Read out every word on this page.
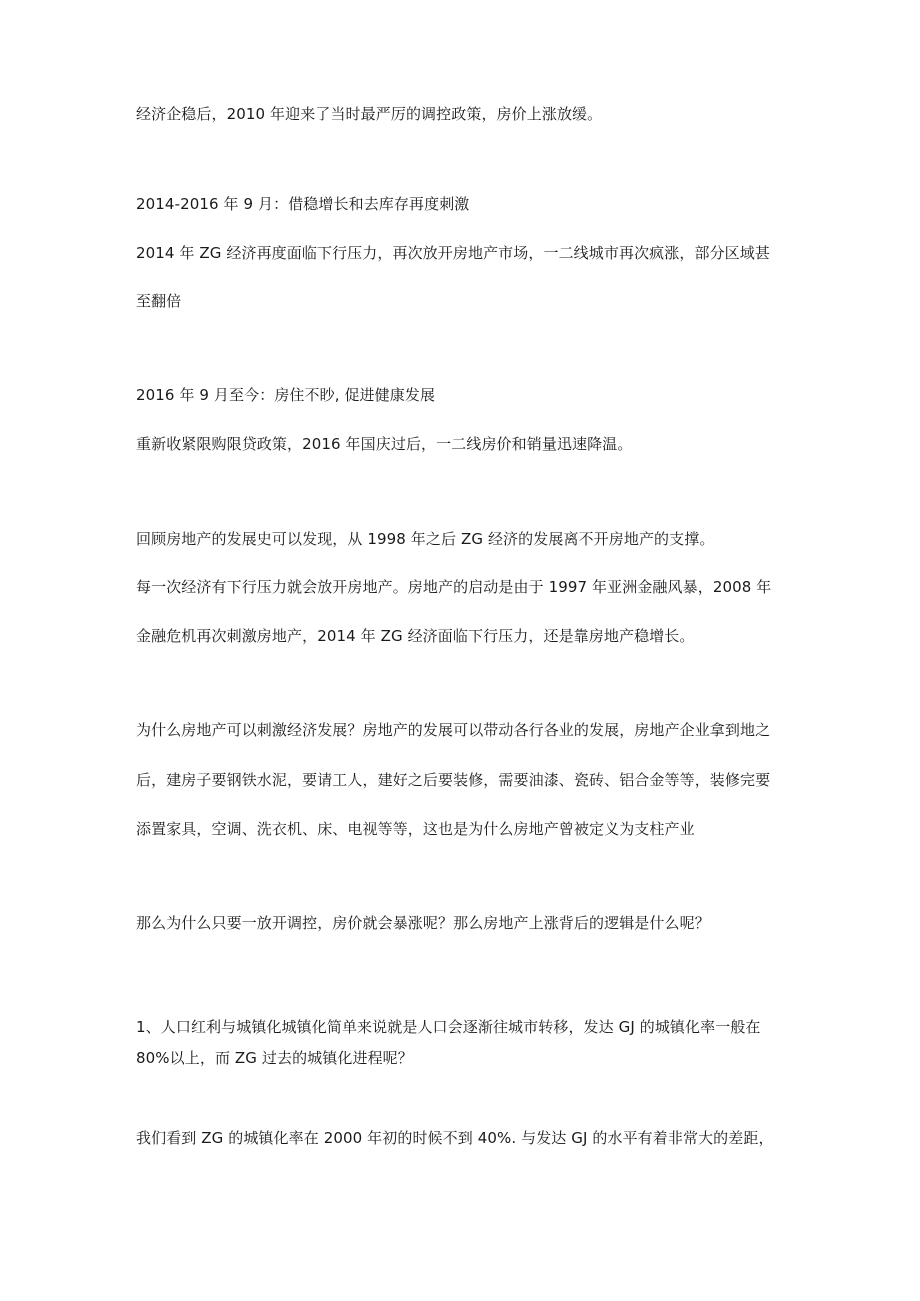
经济企稳后，2010 年迎来了当时最严厉的调控政策，房价上涨放缓。
2014-2016 年 9 月：借稳增长和去库存再度刺激
2014 年 ZG 经济再度面临下行压力，再次放开房地产市场，一二线城市再次疯涨，部分区域甚
至翻倍
2016 年 9 月至今：房住不眇, 促进健康发展
重新收紧限购限贷政策，2016 年国庆过后，一二线房价和销量迅速降温。
回顾房地产的发展史可以发现，从 1998 年之后 ZG 经济的发展离不开房地产的支撑。
每一次经济有下行压力就会放开房地产。房地产的启动是由于 1997 年亚洲金融风暴，2008 年
金融危机再次刺激房地产，2014 年 ZG 经济面临下行压力，还是靠房地产稳增长。
为什么房地产可以刺激经济发展？房地产的发展可以带动各行各业的发展，房地产企业拿到地之
后，建房子要钢铁水泥，要请工人，建好之后要装修，需要油漆、瓷砖、铝合金等等，装修完要
添置家具，空调、洗衣机、床、电视等等，这也是为什么房地产曾被定义为支柱产业
那么为什么只要一放开调控，房价就会暴涨呢？那么房地产上涨背后的逻辑是什么呢？
1、人口红利与城镇化城镇化简单来说就是人口会逐渐往城市转移，发达 GJ 的城镇化率一般在
80%以上，而 ZG 过去的城镇化进程呢？
我们看到 ZG 的城镇化率在 2000 年初的时候不到 40%. 与发达 GJ 的水平有着非常大的差距，
